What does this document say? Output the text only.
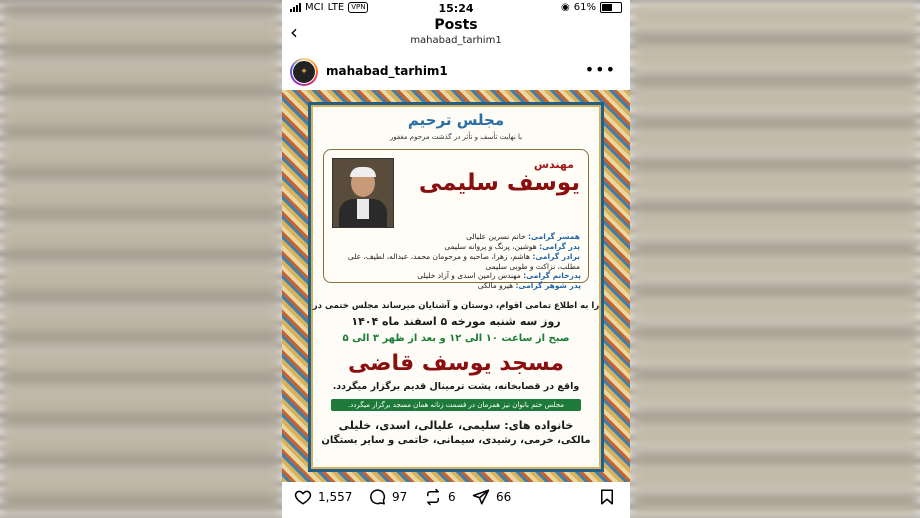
MCI LTE	VPN	15:24	◉ 61%
‹	Posts
mahabad_tarhim1
✦	mahabad_tarhim1	•••
مجلس ترحیم
با نهایت تأسف و تأثر در گذشت مرحوم مغفور
مهندس
یوسف سلیمی
همسر گرامی: خانم نسرین علیالی
پدر گرامی: هوشین، پرنگ و پروانه سلیمی
برادر گرامی: هاشم، زهرا، صاحبه و مرحومان محمد، عبداله، لطیف، علی
مطلب، نزاکت و طوبی سلیمی
پدرخانم گرامی: مهندس رامین اسدی و آزاد خلیلی
پدر شوهر گرامی: هیرو مالکی
را به اطلاع تمامی اقوام، دوستان و آشنایان میرساند مجلس ختمی در
روز سه شنبه مورخه ۵ اسفند ماه ۱۴۰۴
صبح از ساعت ۱۰ الی ۱۲ و بعد از ظهر ۳ الی ۵
مسجد یوسف قاضی
واقع در قصابخانه، پشت ترمینال قدیم برگزار میگردد.
مجلس ختم بانوان نیز همزمان در قسمت زنانه همان مسجد برگزار میگردد.
خانواده های: سلیمی، علیالی، اسدی، خلیلی
مالکی، خرمی، رشیدی، سیمانی، خاتمی و سایر بستگان
1,557	97	6	66
